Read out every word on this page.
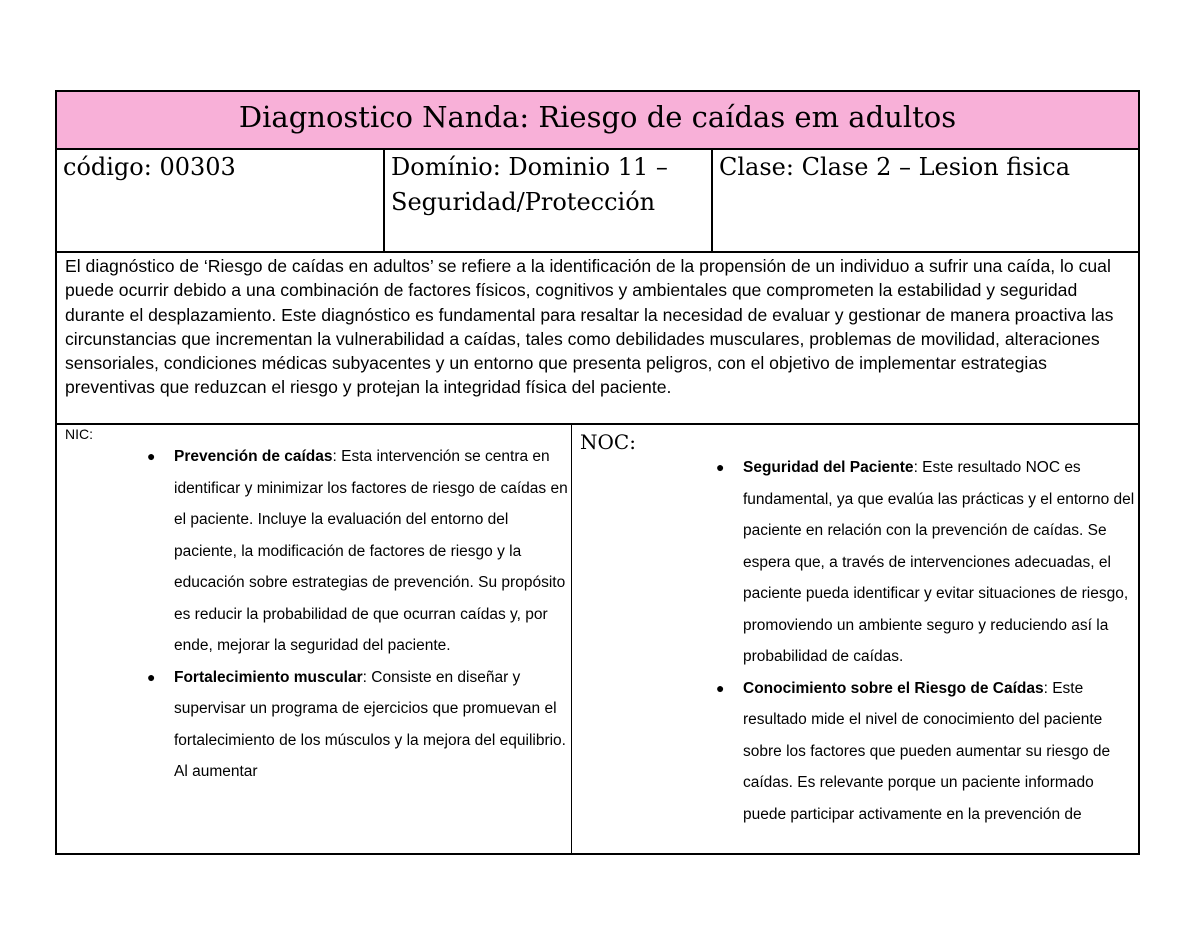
Diagnostico Nanda: Riesgo de caídas em adultos
código: 00303	Domínio: Dominio 11 – Seguridad/Protección
Clase: Clase 2 – Lesion fisica
El diagnóstico de ‘Riesgo de caídas en adultos’ se refiere a la identificación de la propensión de un individuo a sufrir una caída, lo cual puede ocurrir debido a una combinación de factores físicos, cognitivos y ambientales que comprometen la estabilidad y seguridad durante el desplazamiento. Este diagnóstico es fundamental para resaltar la necesidad de evaluar y gestionar de manera proactiva las circunstancias que incrementan la vulnerabilidad a caídas, tales como debilidades musculares, problemas de movilidad, alteraciones sensoriales, condiciones médicas subyacentes y un entorno que presenta peligros, con el objetivo de implementar estrategias preventivas que reduzcan el riesgo y protejan la integridad física del paciente.
NIC:
● Prevención de caídas: Esta intervención se centra en identificar y minimizar los factores de riesgo de caídas en el paciente. Incluye la evaluación del entorno del paciente, la modificación de factores de riesgo y la educación sobre estrategias de prevención. Su propósito es reducir la probabilidad de que ocurran caídas y, por ende, mejorar la seguridad del paciente.
● Fortalecimiento muscular: Consiste en diseñar y supervisar un programa de ejercicios que promuevan el fortalecimiento de los músculos y la mejora del equilibrio. Al aumentar
NOC:
● Seguridad del Paciente: Este resultado NOC es fundamental, ya que evalúa las prácticas y el entorno del paciente en relación con la prevención de caídas. Se espera que, a través de intervenciones adecuadas, el paciente pueda identificar y evitar situaciones de riesgo, promoviendo un ambiente seguro y reduciendo así la probabilidad de caídas.
● Conocimiento sobre el Riesgo de Caídas: Este resultado mide el nivel de conocimiento del paciente sobre los factores que pueden aumentar su riesgo de caídas. Es relevante porque un paciente informado puede participar activamente en la prevención de
